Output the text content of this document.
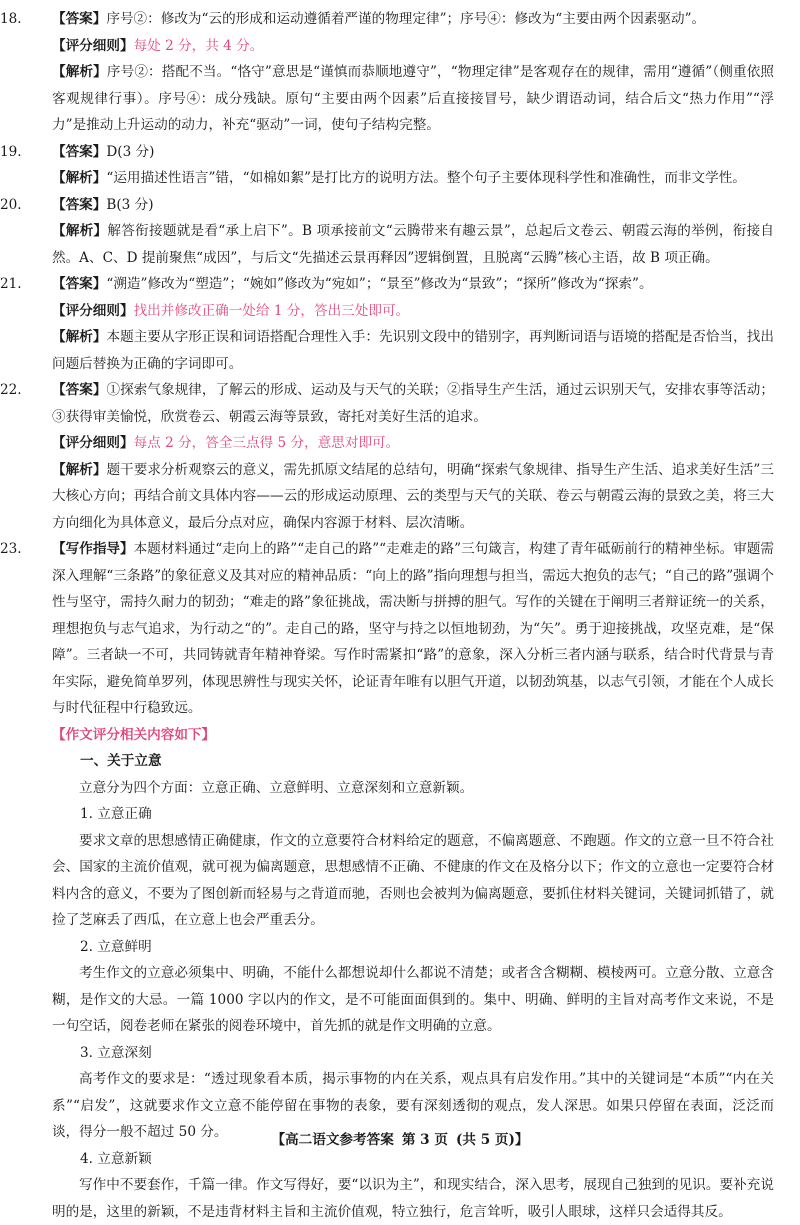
18. 【答案】序号②：修改为“云的形成和运动遵循着严谨的物理定律”；序号④：修改为“主要由两个因素驱动”。

【评分细则】每处 2 分，共 4 分。

【解析】序号②：搭配不当。“恪守”意思是“谨慎而恭顺地遵守”，“物理定律”是客观存在的规律，需用“遵循”（侧重依照客观规律行事）。序号④：成分残缺。原句“主要由两个因素”后直接接冒号，缺少谓语动词，结合后文“热力作用”“浮力”是推动上升运动的动力，补充“驱动”一词，使句子结构完整。

19. 【答案】D(3 分)

【解析】“运用描述性语言”错，“如棉如絮”是打比方的说明方法。整个句子主要体现科学性和准确性，而非文学性。

20. 【答案】B(3 分)

【解析】解答衔接题就是看“承上启下”。B 项承接前文“云腾带来有趣云景”，总起后文卷云、朝霞云海的举例，衔接自然。A、C、D 提前聚焦“成因”，与后文“先描述云景再释因”逻辑倒置，且脱离“云腾”核心主语，故 B 项正确。

21. 【答案】“溯造”修改为“塑造”；“婉如”修改为“宛如”；“景至”修改为“景致”；“探所”修改为“探索”。

【评分细则】找出并修改正确一处给 1 分，答出三处即可。

【解析】本题主要从字形正误和词语搭配合理性入手：先识别文段中的错别字，再判断词语与语境的搭配是否恰当，找出问题后替换为正确的字词即可。

22. 【答案】①探索气象规律，了解云的形成、运动及与天气的关联；②指导生产生活，通过云识别天气，安排农事等活动；③获得审美愉悦，欣赏卷云、朝霞云海等景致，寄托对美好生活的追求。

【评分细则】每点 2 分，答全三点得 5 分，意思对即可。

【解析】题干要求分析观察云的意义，需先抓原文结尾的总结句，明确“探索气象规律、指导生产生活、追求美好生活”三大核心方向；再结合前文具体内容——云的形成运动原理、云的类型与天气的关联、卷云与朝霞云海的景致之美，将三大方向细化为具体意义，最后分点对应，确保内容源于材料、层次清晰。

23. 【写作指导】本题材料通过“走向上的路”“走自己的路”“走难走的路”三句箴言，构建了青年砥砺前行的精神坐标。审题需深入理解“三条路”的象征意义及其对应的精神品质：“向上的路”指向理想与担当，需远大抱负的志气；“自己的路”强调个性与坚守，需持久耐力的韧劲；“难走的路”象征挑战，需决断与拼搏的胆气。写作的关键在于阐明三者辩证统一的关系，理想抱负与志气追求，为行动之“的”。走自己的路，坚守与持之以恒地韧劲，为“矢”。勇于迎接挑战，攻坚克难，是“保障”。三者缺一不可，共同铸就青年精神脊梁。写作时需紧扣“路”的意象，深入分析三者内涵与联系，结合时代背景与青年实际，避免简单罗列，体现思辨性与现实关怀，论证青年唯有以胆气开道，以韧劲筑基，以志气引领，才能在个人成长与时代征程中行稳致远。

【作文评分相关内容如下】

一、关于立意

立意分为四个方面：立意正确、立意鲜明、立意深刻和立意新颖。

1. 立意正确

要求文章的思想感情正确健康，作文的立意要符合材料给定的题意，不偏离题意、不跑题。作文的立意一旦不符合社会、国家的主流价值观，就可视为偏离题意，思想感情不正确、不健康的作文在及格分以下；作文的立意也一定要符合材料内含的意义，不要为了图创新而轻易与之背道而驰，否则也会被判为偏离题意，要抓住材料关键词，关键词抓错了，就捡了芝麻丢了西瓜，在立意上也会严重丢分。

2. 立意鲜明

考生作文的立意必须集中、明确，不能什么都想说却什么都说不清楚；或者含含糊糊、模棱两可。立意分散、立意含糊，是作文的大忌。一篇 1000 字以内的作文，是不可能面面俱到的。集中、明确、鲜明的主旨对高考作文来说，不是一句空话，阅卷老师在紧张的阅卷环境中，首先抓的就是作文明确的立意。

3. 立意深刻

高考作文的要求是：“透过现象看本质，揭示事物的内在关系，观点具有启发作用。”其中的关键词是“本质”“内在关系”“启发”，这就要求作文立意不能停留在事物的表象，要有深刻透彻的观点，发人深思。如果只停留在表面，泛泛而谈，得分一般不超过 50 分。

4. 立意新颖

写作中不要套作，千篇一律。作文写得好，要“以识为主”，和现实结合，深入思考，展现自己独到的见识。要补充说明的是，这里的新颖，不是违背材料主旨和主流价值观，特立独行，危言耸听，吸引人眼球，这样只会适得其反。

【高二语文参考答案 第 3 页 (共 5 页)】
